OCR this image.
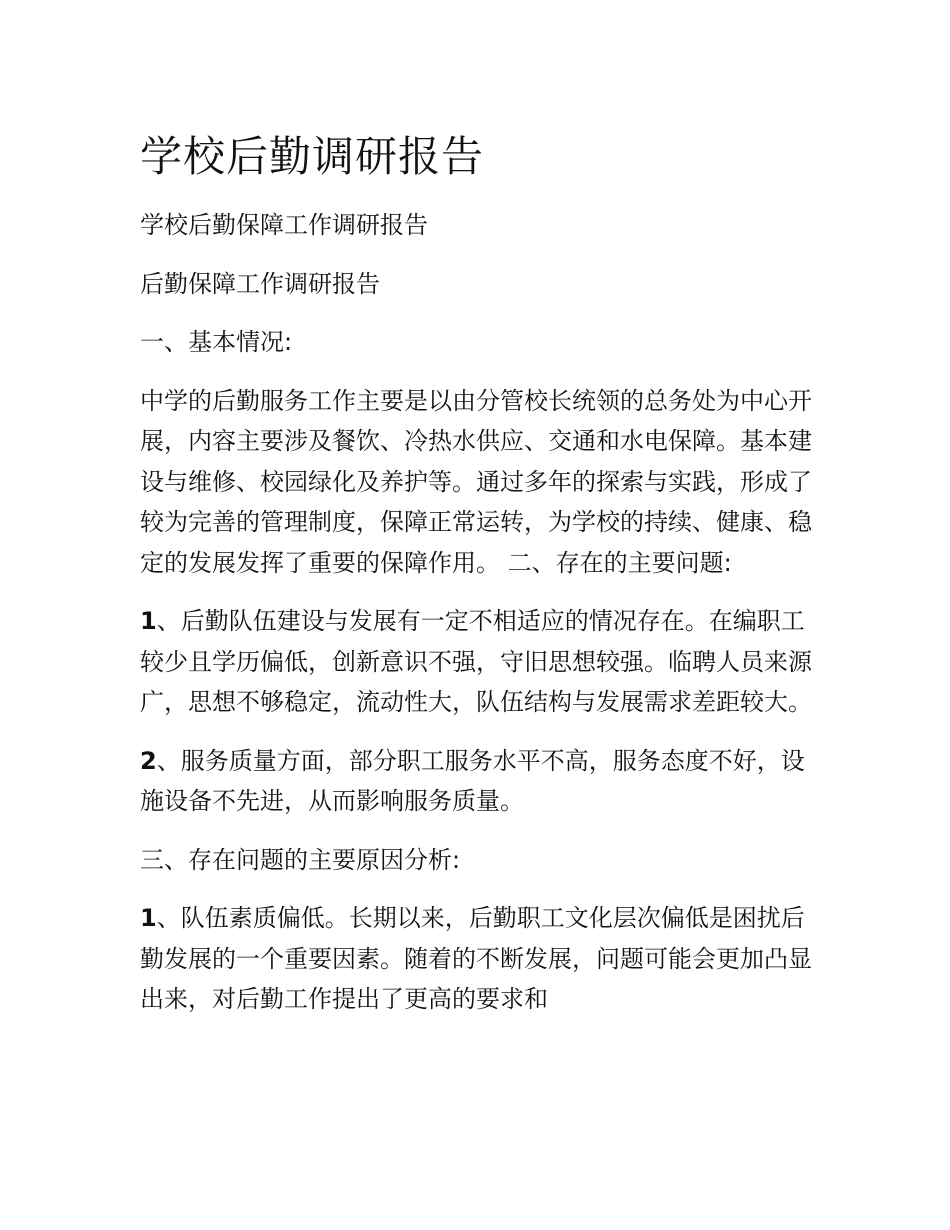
学校后勤调研报告

学校后勤保障工作调研报告

后勤保障工作调研报告

一、基本情况:

中学的后勤服务工作主要是以由分管校长统领的总务处为中心开展，内容主要涉及餐饮、冷热水供应、交通和水电保障。基本建设与维修、校园绿化及养护等。通过多年的探索与实践，形成了较为完善的管理制度，保障正常运转，为学校的持续、健康、稳定的发展发挥了重要的保障作用。 二、存在的主要问题:

1、后勤队伍建设与发展有一定不相适应的情况存在。在编职工较少且学历偏低，创新意识不强，守旧思想较强。临聘人员来源广，思想不够稳定，流动性大，队伍结构与发展需求差距较大。

2、服务质量方面，部分职工服务水平不高，服务态度不好，设施设备不先进，从而影响服务质量。

三、存在问题的主要原因分析:

1、队伍素质偏低。长期以来，后勤职工文化层次偏低是困扰后勤发展的一个重要因素。随着的不断发展，问题可能会更加凸显出来，对后勤工作提出了更高的要求和
